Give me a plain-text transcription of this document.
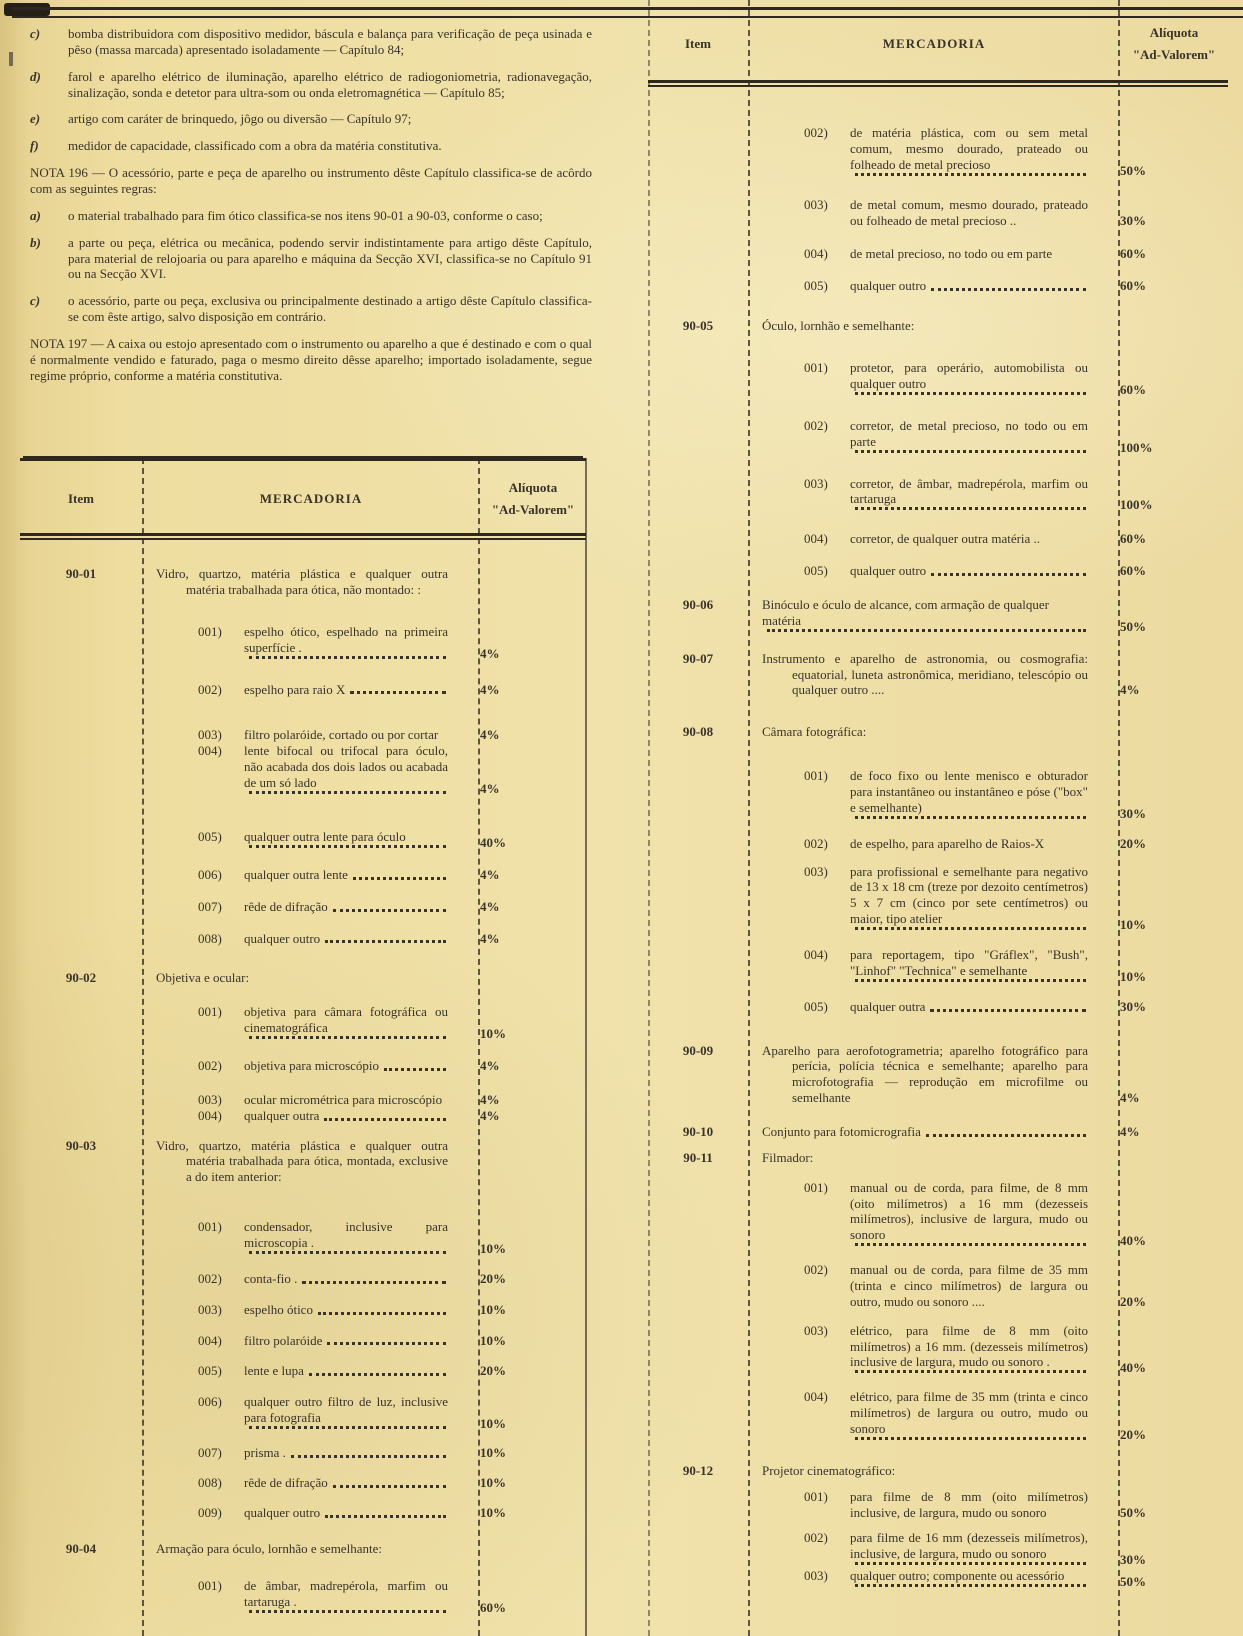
c)	bomba distribuidora com dispositivo medidor, báscula e balança para verificação de peça usinada e pêso (massa marcada) apresentado isoladamente — Capítulo 84;
d)	farol e aparelho elétrico de iluminação, aparelho elétrico de radiogoniometria, radionavegação, sinalização, sonda e detetor para ultra-som ou onda eletromagnética — Capítulo 85;
e)	artigo com caráter de brinquedo, jôgo ou diversão — Capítulo 97;
f)	medidor de capacidade, classificado com a obra da matéria constitutiva.
NOTA 196 — O acessório, parte e peça de aparelho ou instrumento dêste Capítulo classifica-se de acôrdo com as seguintes regras:
a)	o material trabalhado para fim ótico classifica-se nos itens 90-01 a 90-03, conforme o caso;
b)	a parte ou peça, elétrica ou mecânica, podendo servir indistintamente para artigo dêste Capítulo, para material de relojoaria ou para aparelho e máquina da Secção XVI, classifica-se no Capítulo 91 ou na Secção XVI.
c)	o acessório, parte ou peça, exclusiva ou principalmente destinado a artigo dêste Capítulo classifica-se com êste artigo, salvo disposição em contrário.
NOTA 197 — A caixa ou estojo apresentado com o instrumento ou aparelho a que é destinado e com o qual é normalmente vendido e faturado, paga o mesmo direito dêsse aparelho; importado isoladamente, segue regime próprio, conforme a matéria constitutiva.
Item	MERCADORIA
Alíquota
"Ad-Valorem"
90-01	Vidro, quartzo, matéria plástica e qualquer outra matéria trabalhada para ótica, não montado: :
001)	espelho ótico, espelhado na primeira superfície .	4%
002)	espelho para raio X	4%
003)	filtro polaróide, cortado ou por cortar	4%
004)	lente bifocal ou trifocal para óculo, não acabada dos dois lados ou acabada de um só lado	4%
005)	qualquer outra lente para óculo	40%
006)	qualquer outra lente	4%
007)	rêde de difração	4%
008)	qualquer outro	4%
90-02	Objetiva e ocular:
001)	objetiva para câmara fotográfica ou cinematográfica	10%
002)	objetiva para microscópio	4%
003)	ocular micrométrica para microscópio	4%
004)	qualquer outra	4%
90-03	Vidro, quartzo, matéria plástica e qualquer outra matéria trabalhada para ótica, montada, exclusive a do item anterior:
001)	condensador, inclusive para microscopia .	10%
002)	conta-fio .	20%
003)	espelho ótico	10%
004)	filtro polaróide	10%
005)	lente e lupa	20%
006)	qualquer outro filtro de luz, inclusive para fotografia	10%
007)	prisma .	10%
008)	rêde de difração	10%
009)	qualquer outro	10%
90-04	Armação para óculo, lornhão e semelhante:
001)	de âmbar, madrepérola, marfim ou tartaruga .	60%
Item	MERCADORIA
Alíquota
"Ad-Valorem"
002)	de matéria plástica, com ou sem metal comum, mesmo dourado, prateado ou folheado de metal precioso	50%
003)	de metal comum, mesmo dourado, prateado ou folheado de metal precioso ..	30%
004)	de metal precioso, no todo ou em parte	60%
005)	qualquer outro	60%
90-05	Óculo, lornhão e semelhante:
001)	protetor, para operário, automobilista ou qualquer outro	60%
002)	corretor, de metal precioso, no todo ou em parte	100%
003)	corretor, de âmbar, madrepérola, marfim ou tartaruga	100%
004)	corretor, de qualquer outra matéria ..	60%
005)	qualquer outro	60%
90-06	Binóculo e óculo de alcance, com armação de qualquer matéria	50%
90-07	Instrumento e aparelho de astronomia, ou cosmografia: equatorial, luneta astronômica, meridiano, telescópio ou qualquer outro ....	4%
90-08	Câmara fotográfica:
001)	de foco fixo ou lente menisco e obturador para instantâneo ou instantâneo e póse ("box" e semelhante)	30%
002)	de espelho, para aparelho de Raios-X	20%
003)	para profissional e semelhante para negativo de 13 x 18 cm (treze por dezoito centímetros) 5 x 7 cm (cinco por sete centímetros) ou maior, tipo atelier	10%
004)	para reportagem, tipo "Gráflex", "Bush", "Linhof" "Technica" e semelhante	10%
005)	qualquer outra	30%
90-09	Aparelho para aerofotogrametria; aparelho fotográfico para perícia, polícia técnica e semelhante; aparelho para microfotografia — reprodução em microfilme ou semelhante	4%
90-10	Conjunto para fotomicrografia	4%
90-11	Filmador:
001)	manual ou de corda, para filme, de 8 mm (oito milímetros) a 16 mm (dezesseis milímetros), inclusive de largura, mudo ou sonoro	40%
002)	manual ou de corda, para filme de 35 mm (trinta e cinco milímetros) de largura ou outro, mudo ou sonoro ....	20%
003)	elétrico, para filme de 8 mm (oito milímetros) a 16 mm. (dezesseis milímetros) inclusive de largura, mudo ou sonoro .	40%
004)	elétrico, para filme de 35 mm (trinta e cinco milímetros) de largura ou outro, mudo ou sonoro	20%
90-12	Projetor cinematográfico:
001)	para filme de 8 mm (oito milímetros) inclusive, de largura, mudo ou sonoro	50%
002)	para filme de 16 mm (dezesseis milímetros), inclusive, de largura, mudo ou sonoro	30%
003)	qualquer outro; componente ou acessório	50%
